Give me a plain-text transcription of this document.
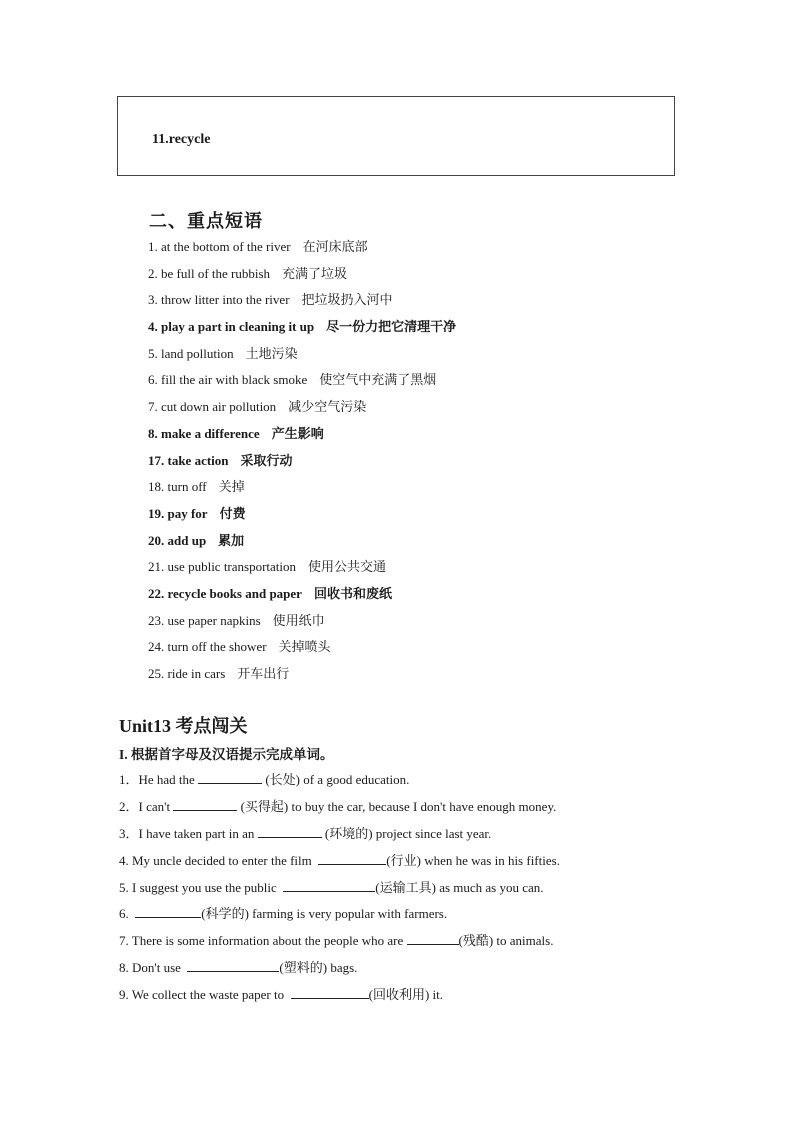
11.recycle
二、重点短语
1. at the bottom of the river 在河床底部
2. be full of the rubbish 充满了垃圾
3. throw litter into the river 把垃圾扔入河中
4. play a part in cleaning it up 尽一份力把它清理干净
5. land pollution 土地污染
6. fill the air with black smoke 使空气中充满了黑烟
7. cut down air pollution 减少空气污染
8. make a difference 产生影响
17. take action 采取行动
18. turn off 关掉
19. pay for 付费
20. add up 累加
21. use public transportation 使用公共交通
22. recycle books and paper 回收书和废纸
23. use paper napkins 使用纸巾
24. turn off the shower 关掉喷头
25. ride in cars 开车出行
Unit13 考点闯关
I. 根据首字母及汉语提示完成单词。
1．He had the	(长处) of a good education.
2．I can't	(买得起) to buy the car, because I don't have enough money.
3．I have taken part in an	(环境的) project since last year.
4. My uncle decided to enter the film	(行业) when he was in his fifties.
5. I suggest you use the public	(运输工具) as much as you can.
6.	(科学的) farming is very popular with farmers.
7. There is some information about the people who are	(残酷) to animals.
8. Don't use	(塑料的) bags.
9. We collect the waste paper to	(回收利用) it.
